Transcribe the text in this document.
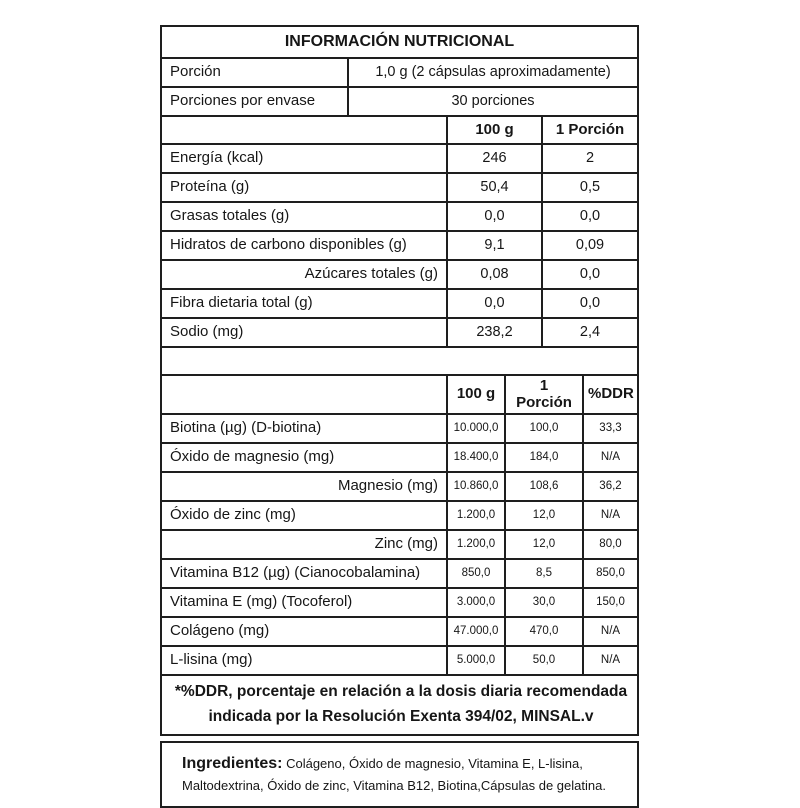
INFORMACIÓN NUTRICIONAL
Porción	1,0 g (2 cápsulas aproximadamente)
Porciones por envase	30 porciones
100 g	1 Porción
Energía (kcal)	246	2
Proteína (g)	50,4	0,5
Grasas totales (g)	0,0	0,0
Hidratos de carbono disponibles (g)	9,1	0,09
Azúcares totales (g)	0,08	0,0
Fibra dietaria total (g)	0,0	0,0
Sodio (mg)	238,2	2,4
100 g	1 Porción	%DDR
Biotina (µg) (D-biotina)	10.000,0	100,0	33,3
Óxido de magnesio (mg)	18.400,0	184,0	N/A
Magnesio (mg)	10.860,0	108,6	36,2
Óxido de zinc (mg)	1.200,0	12,0	N/A
Zinc (mg)	1.200,0	12,0	80,0
Vitamina B12 (µg) (Cianocobalamina)	850,0	8,5	850,0
Vitamina E (mg) (Tocoferol)	3.000,0	30,0	150,0
Colágeno (mg)	47.000,0	470,0	N/A
L-lisina (mg)	5.000,0	50,0	N/A
*%DDR, porcentaje en relación a la dosis diaria recomendada
indicada por la Resolución Exenta 394/02, MINSAL.v
Ingredientes: Colágeno, Óxido de magnesio, Vitamina E, L-lisina, Maltodextrina, Óxido de zinc, Vitamina B12, Biotina,Cápsulas de gelatina.
